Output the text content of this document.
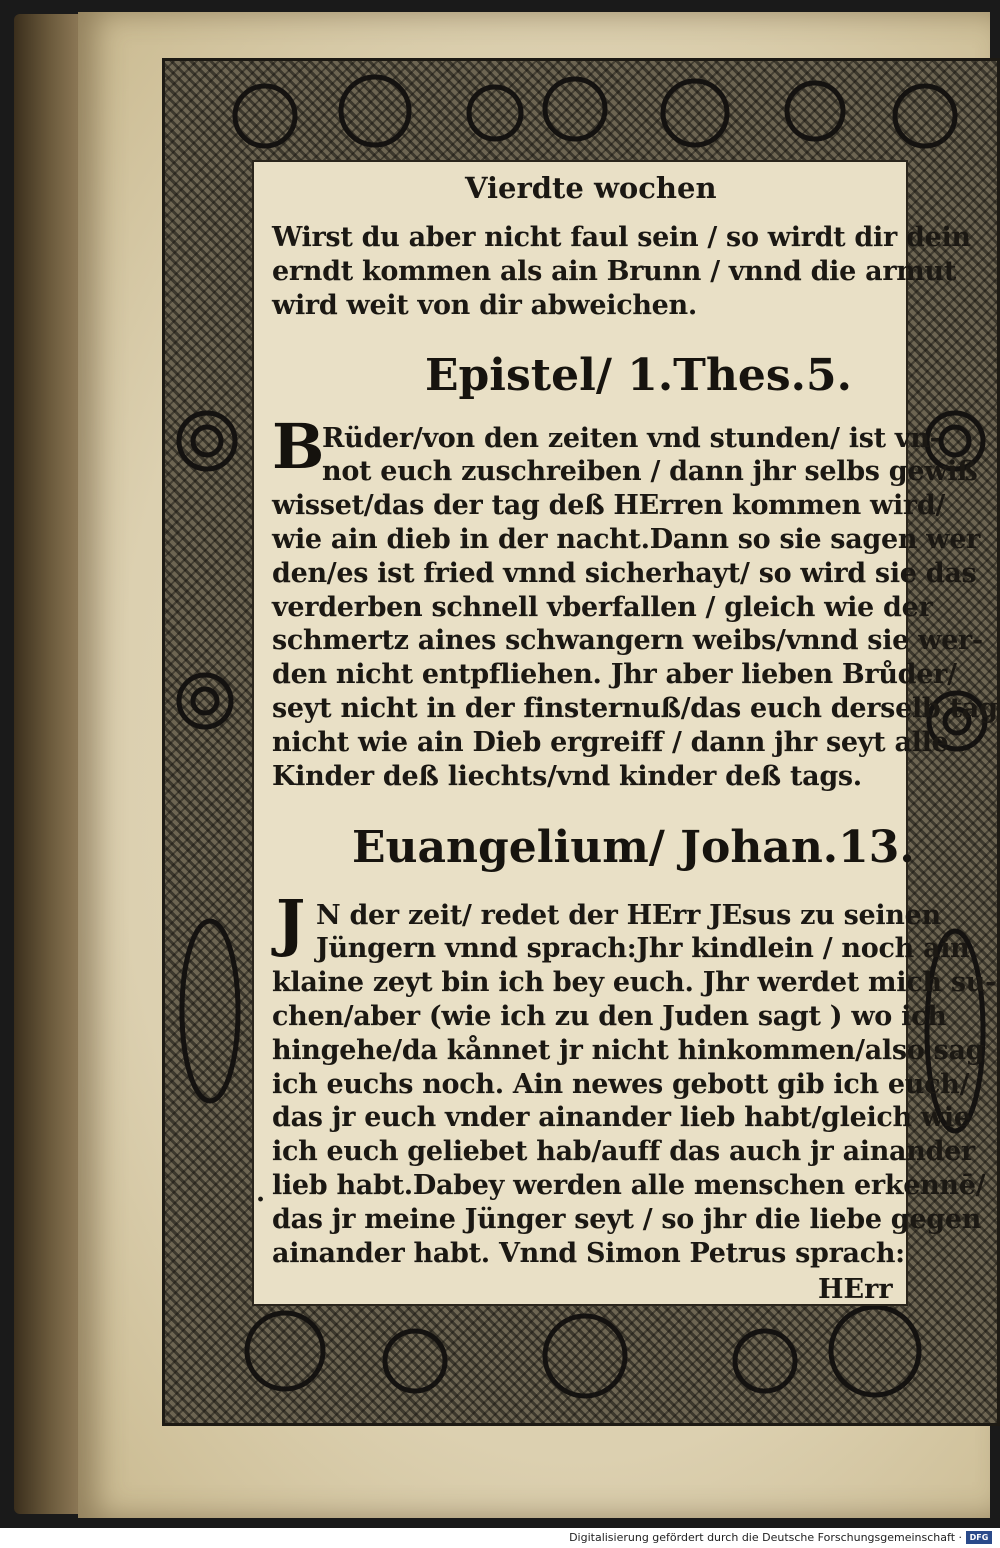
Vierdte wochen
Wirst du aber nicht faul sein / so wirdt dir dein
erndt kommen als ain Brunn / vnnd die armut
wird weit von dir abweichen.
Epistel/ 1.Thes.5.
B
Rüder/von den zeiten vnd stunden/ ist vn-
not euch zuschreiben / dann jhr selbs gewiß
wisset/das der tag deß HErren kommen wird/
wie ain dieb in der nacht.Dann so sie sagen wer
den/es ist fried vnnd sicherhayt/ so wird sie das
verderben schnell vberfallen / gleich wie der
schmertz aines schwangern weibs/vnnd sie wer-
den nicht entpfliehen. Jhr aber lieben Brůder/
seyt nicht in der finsternuß/das euch derselb tag
nicht wie ain Dieb ergreiff / dann jhr seyt alle
Kinder deß liechts/vnd kinder deß tags.
Euangelium/ Johan.13.
J N der zeit/ redet der HErr JEsus zu seinen
Jüngern vnnd sprach:Jhr kindlein / noch ain
klaine zeyt bin ich bey euch. Jhr werdet mich su-
chen/aber (wie ich zu den Juden sagt ) wo ich
hingehe/da kånnet jr nicht hinkommen/also sag
ich euchs noch. Ain newes gebott gib ich euch/
das jr euch vnder ainander lieb habt/gleich wie
ich euch geliebet hab/auff das auch jr ainander
lieb habt.Dabey werden alle menschen erkennē/
.
das jr meine Jünger seyt / so jhr die liebe gegen
ainander habt. Vnnd Simon Petrus sprach:
HErr
Digitalisierung gefördert durch die Deutsche Forschungsgemeinschaft · DFG
